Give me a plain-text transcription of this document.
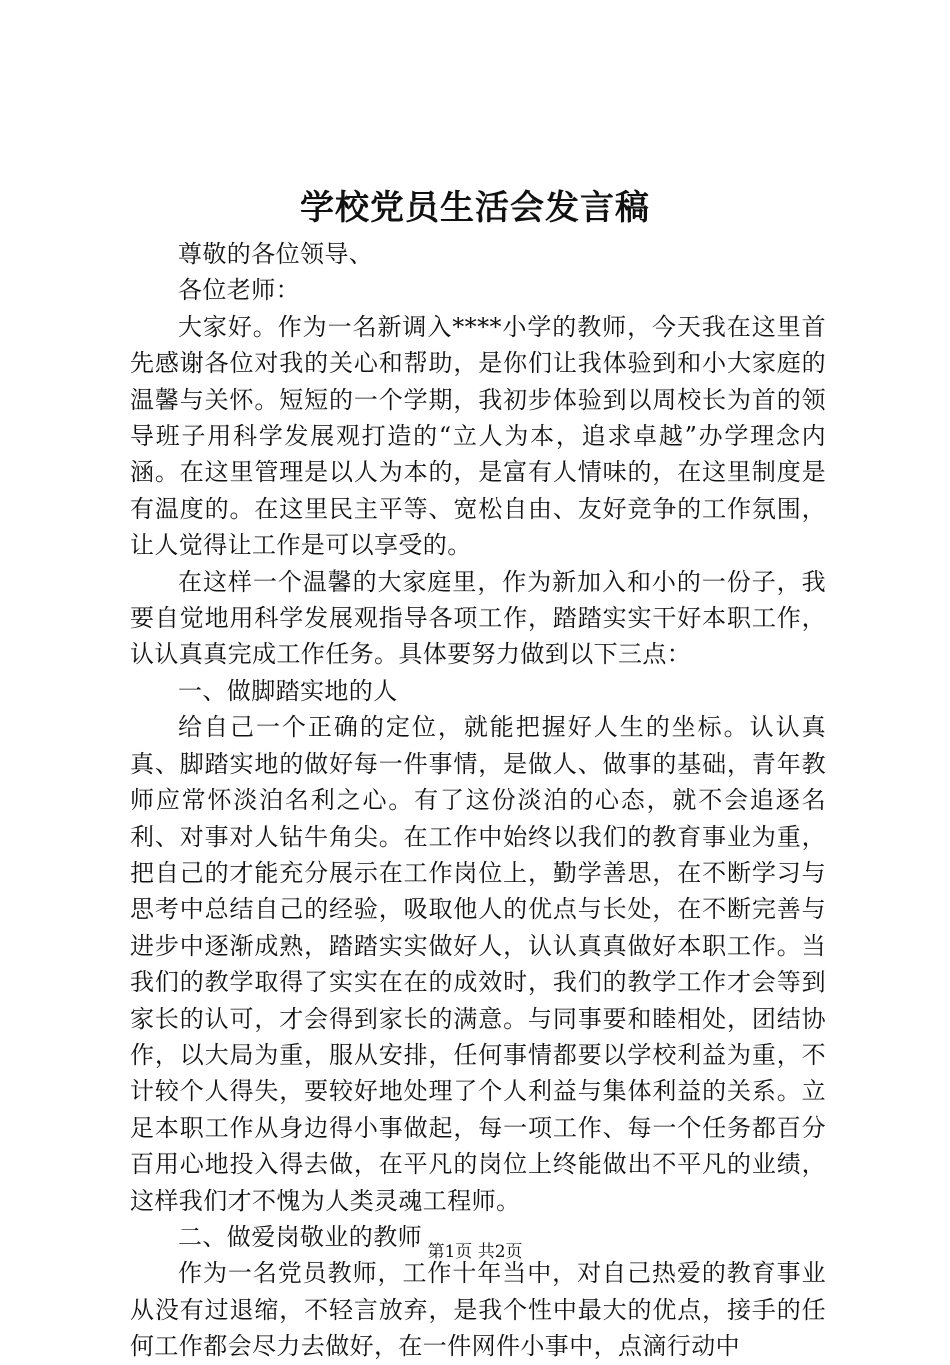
学校党员生活会发言稿

尊敬的各位领导、

各位老师：

大家好。作为一名新调入****小学的教师，今天我在这里首先感谢各位对我的关心和帮助，是你们让我体验到和小大家庭的温馨与关怀。短短的一个学期，我初步体验到以周校长为首的领导班子用科学发展观打造的“立人为本，追求卓越”办学理念内涵。在这里管理是以人为本的，是富有人情味的，在这里制度是有温度的。在这里民主平等、宽松自由、友好竞争的工作氛围，让人觉得让工作是可以享受的。

在这样一个温馨的大家庭里，作为新加入和小的一份子，我要自觉地用科学发展观指导各项工作，踏踏实实干好本职工作，认认真真完成工作任务。具体要努力做到以下三点：

一、做脚踏实地的人

给自己一个正确的定位，就能把握好人生的坐标。认认真真、脚踏实地的做好每一件事情，是做人、做事的基础，青年教师应常怀淡泊名利之心。有了这份淡泊的心态，就不会追逐名利、对事对人钻牛角尖。在工作中始终以我们的教育事业为重，把自己的才能充分展示在工作岗位上，勤学善思，在不断学习与思考中总结自己的经验，吸取他人的优点与长处，在不断完善与进步中逐渐成熟，踏踏实实做好人，认认真真做好本职工作。当我们的教学取得了实实在在的成效时，我们的教学工作才会等到家长的认可，才会得到家长的满意。与同事要和睦相处，团结协作，以大局为重，服从安排，任何事情都要以学校利益为重，不计较个人得失，要较好地处理了个人利益与集体利益的关系。立足本职工作从身边得小事做起，每一项工作、每一个任务都百分百用心地投入得去做，在平凡的岗位上终能做出不平凡的业绩，这样我们才不愧为人类灵魂工程师。

二、做爱岗敬业的教师

作为一名党员教师，工作十年当中，对自己热爱的教育事业从没有过退缩，不轻言放弃，是我个性中最大的优点，接手的任何工作都会尽力去做好，在一件网件小事中，点滴行动中

第1页 共2页
